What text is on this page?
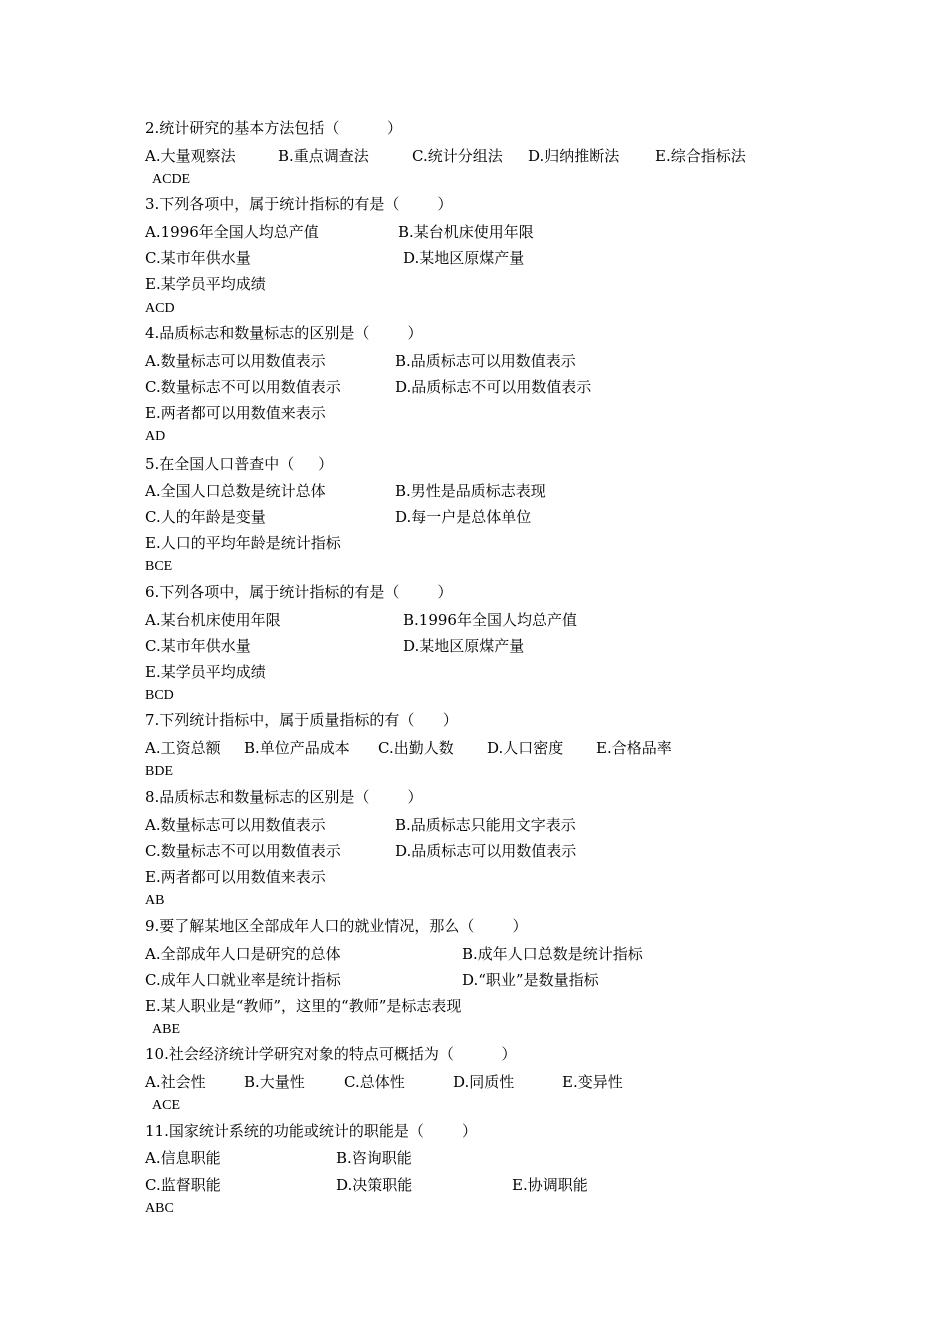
2.统计研究的基本方法包括（          ）
A.大量观察法	B.重点调查法	C.统计分组法 D.归纳推断法 E.综合指标法
ACDE
3.下列各项中，属于统计指标的有是（        ）
A.1996年全国人均总产值	B.某台机床使用年限
C.某市年供水量	D.某地区原煤产量
E.某学员平均成绩
ACD
4.品质标志和数量标志的区别是（        ）
A.数量标志可以用数值表示	B.品质标志可以用数值表示
C.数量标志不可以用数值表示	D.品质标志不可以用数值表示
E.两者都可以用数值来表示
AD
5.在全国人口普查中（     ）
A.全国人口总数是统计总体	B.男性是品质标志表现
C.人的年龄是变量	D.每一户是总体单位
E.人口的平均年龄是统计指标
BCE
6.下列各项中，属于统计指标的有是（        ）
A.某台机床使用年限	B.1996年全国人均总产值
C.某市年供水量	D.某地区原煤产量
E.某学员平均成绩
BCD
7.下列统计指标中，属于质量指标的有（      ）
A.工资总额 B.单位产品成本 C.出勤人数 D.人口密度 E.合格品率
BDE
8.品质标志和数量标志的区别是（        ）
A.数量标志可以用数值表示	B.品质标志只能用文字表示
C.数量标志不可以用数值表示	D.品质标志可以用数值表示
E.两者都可以用数值来表示
AB
9.要了解某地区全部成年人口的就业情况，那么（        ）
A.全部成年人口是研究的总体	B.成年人口总数是统计指标
C.成年人口就业率是统计指标	D.“职业”是数量指标
E.某人职业是“教师”，这里的“教师”是标志表现
ABE
10.社会经济统计学研究对象的特点可概括为（          ）
A.社会性	B.大量性	C.总体性	D.同质性	E.变异性
ACE
11.国家统计系统的功能或统计的职能是（        ）
A.信息职能	B.咨询职能
C.监督职能	D.决策职能	E.协调职能
ABC
